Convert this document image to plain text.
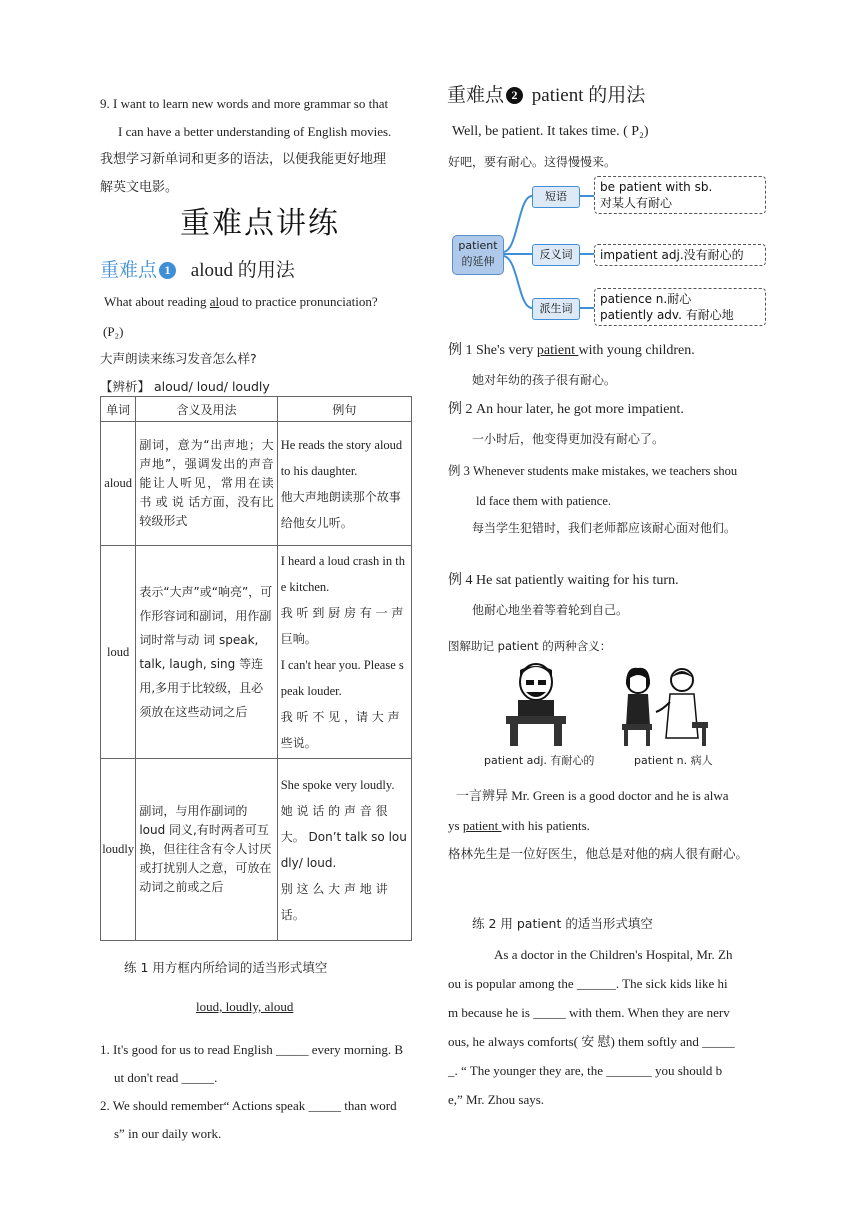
9. I want to learn new words and more grammar so that
I can have a better understanding of English movies.
我想学习新单词和更多的语法，以便我能更好地理
解英文电影。
重难点讲练
重难点 1 aloud 的用法
What about reading aloud to practice pronunciation?
(P₂)
大声朗读来练习发音怎么样?
【辨析】 aloud/ loud/ loudly
单词	含义及用法	例句
aloud	副词，意为“出声地；大声地”，强调发出的声音能让人听见，常用在读 书 或 说 话方面，没有比较级形式	He reads the story aloud to his daughter.
他大声地朗读那个故事给他女儿听。

loud	表示“大声”或“响亮”，可作形容词和副词，用作副词时常与动 词 speak, talk, laugh, sing 等连用,多用于比较级，且必须放在这些动词之后	I heard a loud crash in the kitchen.
我 听 到 厨 房 有 一 声巨响。
I can't hear you. Please speak louder.
我 听 不 见 ，请 大 声些说。

loudly	副词，与用作副词的 loud 同义,有时两者可互换，但往往含有令人讨厌或打扰别人之意，可放在动词之前或之后	She spoke very loudly.
她 说 话 的 声 音 很大。 Don’t talk so loudly/ loud.
别 这 么 大 声 地 讲话。
练 1 用方框内所给词的适当形式填空
loud, loudly, aloud
1. It's good for us to read English _____ every morning. B
ut don't read _____.
2. We should remember“ Actions speak _____ than word
s” in our daily work.
重难点 2 patient 的用法
Well, be patient. It takes time. ( P₂)
好吧，要有耐心。这得慢慢来。
patient 的延伸
短语
反义词
派生词
be patient with sb.
对某人有耐心
impatient adj.没有耐心的
patience n.耐心
patiently adv. 有耐心地
例 1 She's very patient with young children.
她对年幼的孩子很有耐心。
例 2 An hour later, he got more impatient.
一小时后，他变得更加没有耐心了。
例 3 Whenever students make mistakes, we teachers shou
ld face them with patience.
每当学生犯错时，我们老师都应该耐心面对他们。
例 4 He sat patiently waiting for his turn.
他耐心地坐着等着轮到自己。
图解助记 patient 的两种含义：
patient adj. 有耐心的	patient n. 病人
一言辨异 Mr. Green is a good doctor and he is alwa
ys patient with his patients.
格林先生是一位好医生，他总是对他的病人很有耐心。
练 2 用 patient 的适当形式填空
As a doctor in the Children's Hospital, Mr. Zh
ou is popular among the ______. The sick kids like hi
m because he is _____ with them. When they are nerv
ous, he always comforts( 安 慰) them softly and _____
_. “ The younger they are, the _______ you should b
e,” Mr. Zhou says.
